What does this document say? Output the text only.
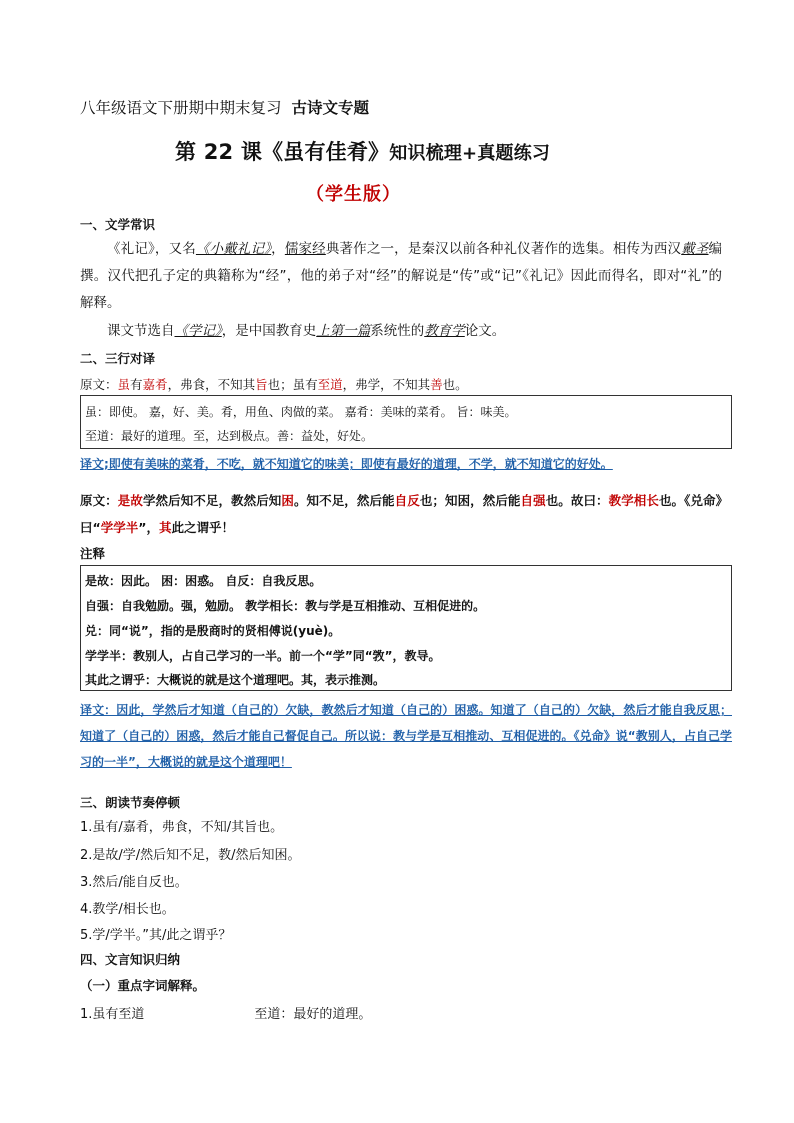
八年级语文下册期中期末复习 古诗文专题
第 22 课《虽有佳肴》知识梳理+真题练习
（学生版）
一、文学常识
《礼记》，又名《小戴礼记》，儒家经典著作之一，是秦汉以前各种礼仪著作的选集。相传为西汉戴圣编撰。汉代把孔子定的典籍称为“经”，他的弟子对“经”的解说是“传”或“记”《礼记》因此而得名，即对“礼”的解释。
课文节选自《学记》，是中国教育史上第一篇系统性的教育学论文。
二、三行对译
原文：虽有嘉肴，弗食，不知其旨也；虽有至道，弗学，不知其善也。
虽：即使。 嘉，好、美。肴，用鱼、肉做的菜。 嘉肴：美味的菜肴。 旨：味美。
至道：最好的道理。至，达到极点。善：益处，好处。
译文;即使有美味的菜肴，不吃，就不知道它的味美；即使有最好的道理，不学，就不知道它的好处。
原文：是故学然后知不足，教然后知困。知不足，然后能自反也；知困，然后能自强也。故曰：教学相长也。《兑命》曰“学学半”，其此之谓乎！
注释
是故：因此。 困：困惑。 自反：自我反思。
自强：自我勉励。强，勉励。 教学相长：教与学是互相推动、互相促进的。
兑：同“说”，指的是殷商时的贤相傅说(yuè)。
学学半：教别人，占自己学习的一半。前一个“学”同“敩”，教导。
其此之谓乎：大概说的就是这个道理吧。其，表示推测。
译文：因此，学然后才知道（自己的）欠缺，教然后才知道（自己的）困惑。知道了（自己的）欠缺，然后才能自我反思；知道了（自己的）困惑，然后才能自己督促自己。所以说：教与学是互相推动、互相促进的。《兑命》说“教别人，占自己学习的一半”，大概说的就是这个道理吧！
三、朗读节奏停顿
1.虽有/嘉肴，弗食，不知/其旨也。
2.是故/学/然后知不足，教/然后知困。
3.然后/能自反也。
4.教学/相长也。
5.学/学半。”其/此之谓乎？
四、文言知识归纳
（一）重点字词解释。
1.虽有至道	至道：最好的道理。
